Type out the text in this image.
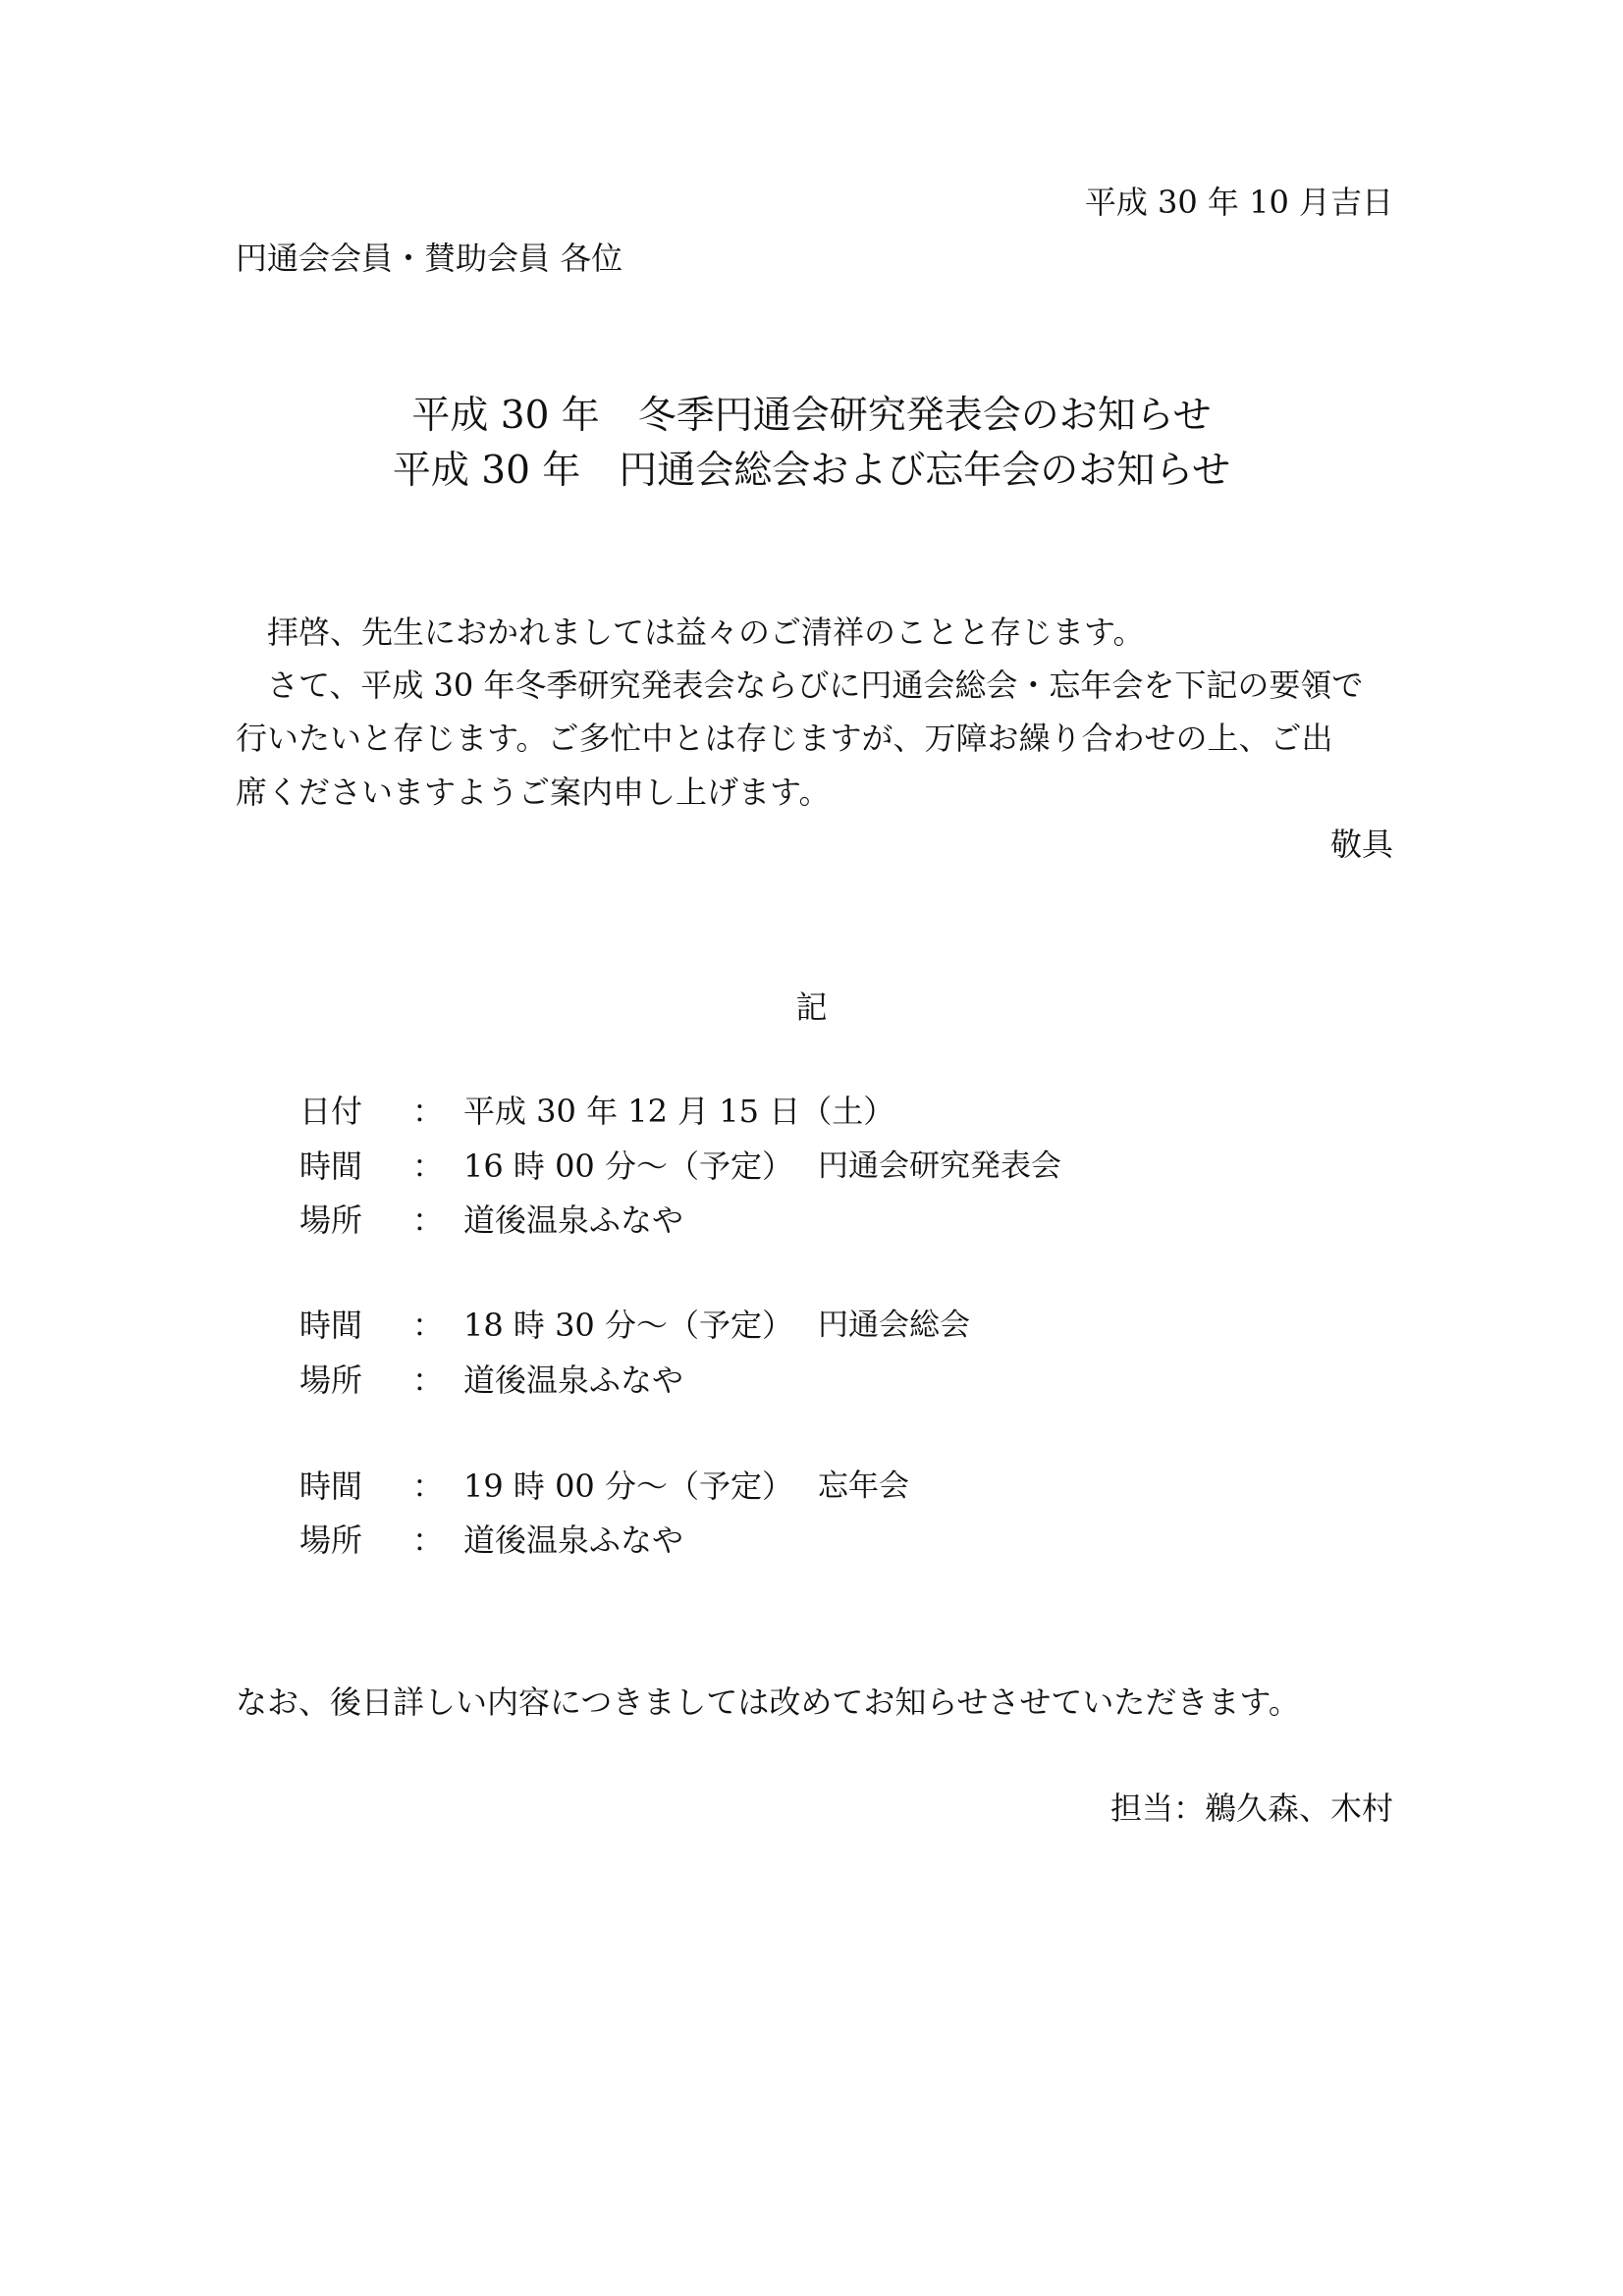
平成 30 年 10 月吉日

円通会会員・賛助会員 各位

平成 30 年　冬季円通会研究発表会のお知らせ
平成 30 年　円通会総会および忘年会のお知らせ

拝啓、先生におかれましては益々のご清祥のことと存じます。

さて、平成 30 年冬季研究発表会ならびに円通会総会・忘年会を下記の要領で

行いたいと存じます。ご多忙中とは存じますが、万障お繰り合わせの上、ご出

席くださいますようご案内申し上げます。

敬具

記

日付 ： 平成 30 年 12 月 15 日（土）
時間 ： 16 時 00 分～（予定） 円通会研究発表会
場所 ： 道後温泉ふなや
時間 ： 18 時 30 分～（予定） 円通会総会
場所 ： 道後温泉ふなや
時間 ： 19 時 00 分～（予定） 忘年会
場所 ： 道後温泉ふなや

なお、後日詳しい内容につきましては改めてお知らせさせていただきます。

担当：鵜久森、木村
